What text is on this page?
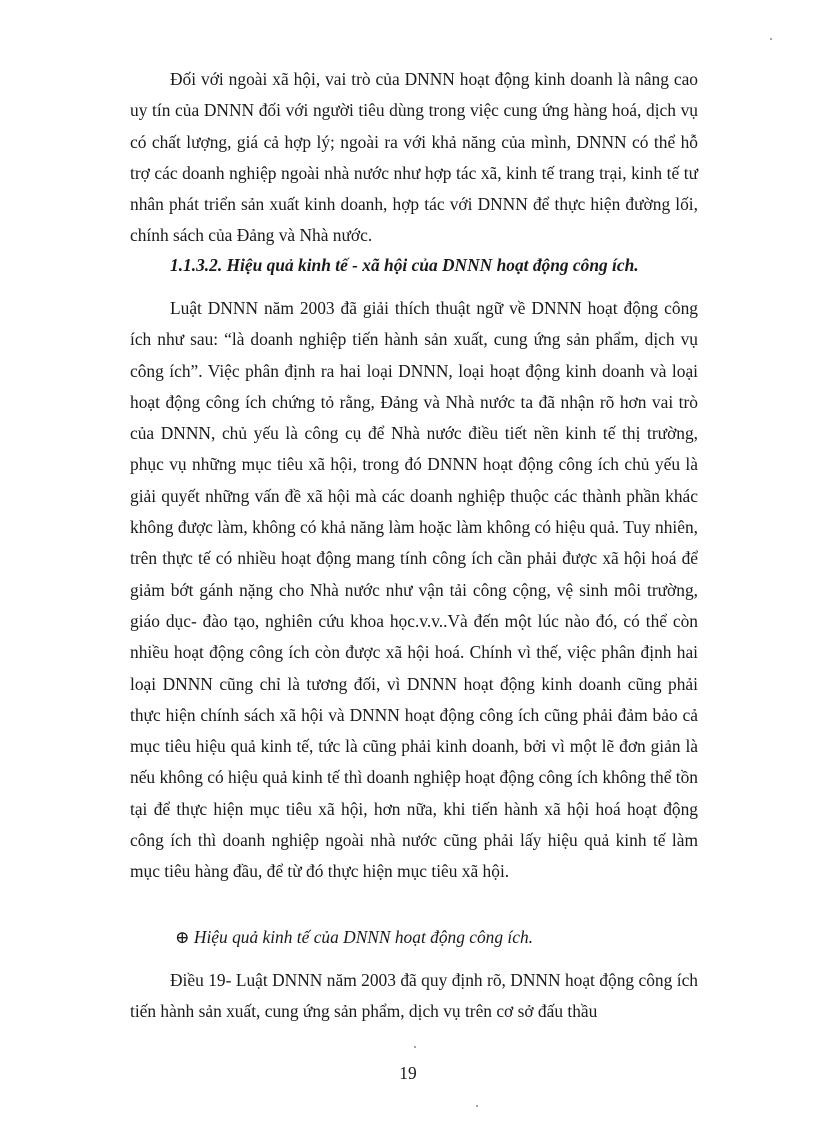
Đối với ngoài xã hội, vai trò của DNNN hoạt động kinh doanh là nâng cao uy tín của DNNN đối với người tiêu dùng trong việc cung ứng hàng hoá, dịch vụ có chất lượng, giá cả hợp lý; ngoài ra với khả năng của mình, DNNN có thể hỗ trợ các doanh nghiệp ngoài nhà nước như hợp tác xã, kinh tế trang trại, kinh tế tư nhân phát triển sản xuất kinh doanh, hợp tác với DNNN để thực hiện đường lối, chính sách của Đảng và Nhà nước.

1.1.3.2. Hiệu quả kinh tế - xã hội của DNNN hoạt động công ích.

Luật DNNN năm 2003 đã giải thích thuật ngữ về DNNN hoạt động công ích như sau: “là doanh nghiệp tiến hành sản xuất, cung ứng sản phẩm, dịch vụ công ích”. Việc phân định ra hai loại DNNN, loại hoạt động kinh doanh và loại hoạt động công ích chứng tỏ rằng, Đảng và Nhà nước ta đã nhận rõ hơn vai trò của DNNN, chủ yếu là công cụ để Nhà nước điều tiết nền kinh tế thị trường, phục vụ những mục tiêu xã hội, trong đó DNNN hoạt động công ích chủ yếu là giải quyết những vấn đề xã hội mà các doanh nghiệp thuộc các thành phần khác không được làm, không có khả năng làm hoặc làm không có hiệu quả. Tuy nhiên, trên thực tế có nhiều hoạt động mang tính công ích cần phải được xã hội hoá để giảm bớt gánh nặng cho Nhà nước như vận tải công cộng, vệ sinh môi trường, giáo dục- đào tạo, nghiên cứu khoa học.v.v..Và đến một lúc nào đó, có thể còn nhiều hoạt động công ích còn được xã hội hoá. Chính vì thế, việc phân định hai loại DNNN cũng chỉ là tương đối, vì DNNN hoạt động kinh doanh cũng phải thực hiện chính sách xã hội và DNNN hoạt động công ích cũng phải đảm bảo cả mục tiêu hiệu quả kinh tế, tức là cũng phải kinh doanh, bởi vì một lẽ đơn giản là nếu không có hiệu quả kinh tế thì doanh nghiệp hoạt động công ích không thể tồn tại để thực hiện mục tiêu xã hội, hơn nữa, khi tiến hành xã hội hoá hoạt động công ích thì doanh nghiệp ngoài nhà nước cũng phải lấy hiệu quả kinh tế làm mục tiêu hàng đầu, để từ đó thực hiện mục tiêu xã hội.

⊕ Hiệu quả kinh tế của DNNN hoạt động công ích.

Điều 19- Luật DNNN năm 2003 đã quy định rõ, DNNN hoạt động công ích tiến hành sản xuất, cung ứng sản phẩm, dịch vụ trên cơ sở đấu thầu

19
